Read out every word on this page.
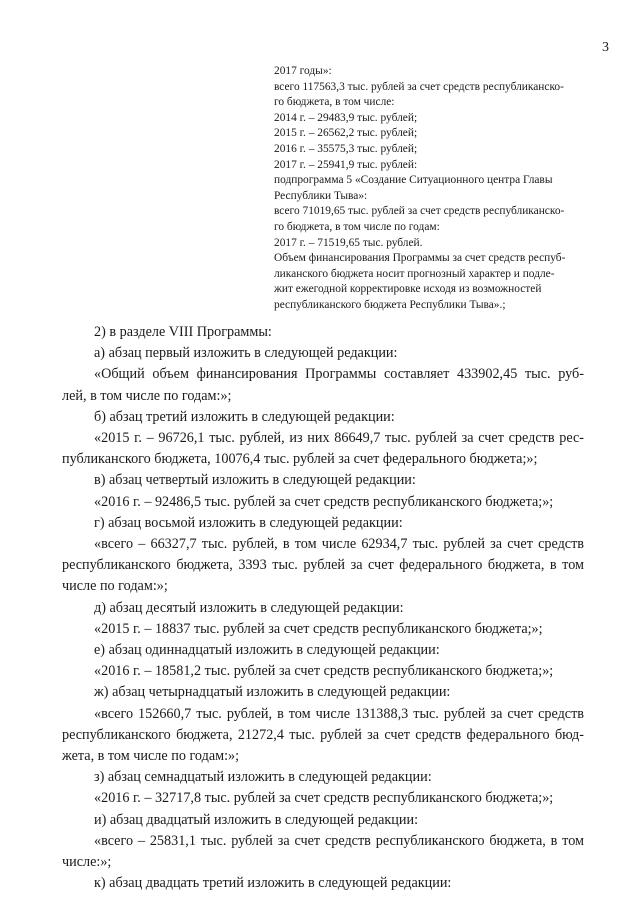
3
2017 годы»:
всего 117563,3 тыс. рублей за счет средств республиканско-
го бюджета, в том числе:
2014 г. – 29483,9 тыс. рублей;
2015 г. – 26562,2 тыс. рублей;
2016 г. – 35575,3 тыс. рублей;
2017 г. – 25941,9 тыс. рублей:
подпрограмма 5 «Создание Ситуационного центра Главы
Республики Тыва»:
всего 71019,65 тыс. рублей за счет средств республиканско-
го бюджета, в том числе по годам:
2017 г. – 71519,65 тыс. рублей.
Объем финансирования Программы за счет средств респуб-
ликанского бюджета носит прогнозный характер и подле-
жит ежегодной корректировке исходя из возможностей
республиканского бюджета Республики Тыва».;
2) в разделе VIII Программы:
а) абзац первый изложить в следующей редакции:
«Общий объем финансирования Программы составляет 433902,45 тыс. руб-
лей, в том числе по годам:»;
б) абзац третий изложить в следующей редакции:
«2015 г. – 96726,1 тыс. рублей, из них 86649,7 тыс. рублей за счет средств рес-
публиканского бюджета, 10076,4 тыс. рублей за счет федерального бюджета;»;
в) абзац четвертый изложить в следующей редакции:
«2016 г. – 92486,5 тыс. рублей за счет средств республиканского бюджета;»;
г) абзац восьмой изложить в следующей редакции:
«всего – 66327,7 тыс. рублей, в том числе 62934,7 тыс. рублей за счет средств
республиканского бюджета, 3393 тыс. рублей за счет федерального бюджета, в том
числе по годам:»;
д) абзац десятый изложить в следующей редакции:
«2015 г. – 18837 тыс. рублей за счет средств республиканского бюджета;»;
е) абзац одиннадцатый изложить в следующей редакции:
«2016 г. – 18581,2 тыс. рублей за счет средств республиканского бюджета;»;
ж) абзац четырнадцатый изложить в следующей редакции:
«всего 152660,7 тыс. рублей, в том числе 131388,3 тыс. рублей за счет средств
республиканского бюджета, 21272,4 тыс. рублей за счет средств федерального бюд-
жета, в том числе по годам:»;
з) абзац семнадцатый изложить в следующей редакции:
«2016 г. – 32717,8 тыс. рублей за счет средств республиканского бюджета;»;
и) абзац двадцатый изложить в следующей редакции:
«всего – 25831,1 тыс. рублей за счет средств республиканского бюджета, в том
числе:»;
к) абзац двадцать третий изложить в следующей редакции:
